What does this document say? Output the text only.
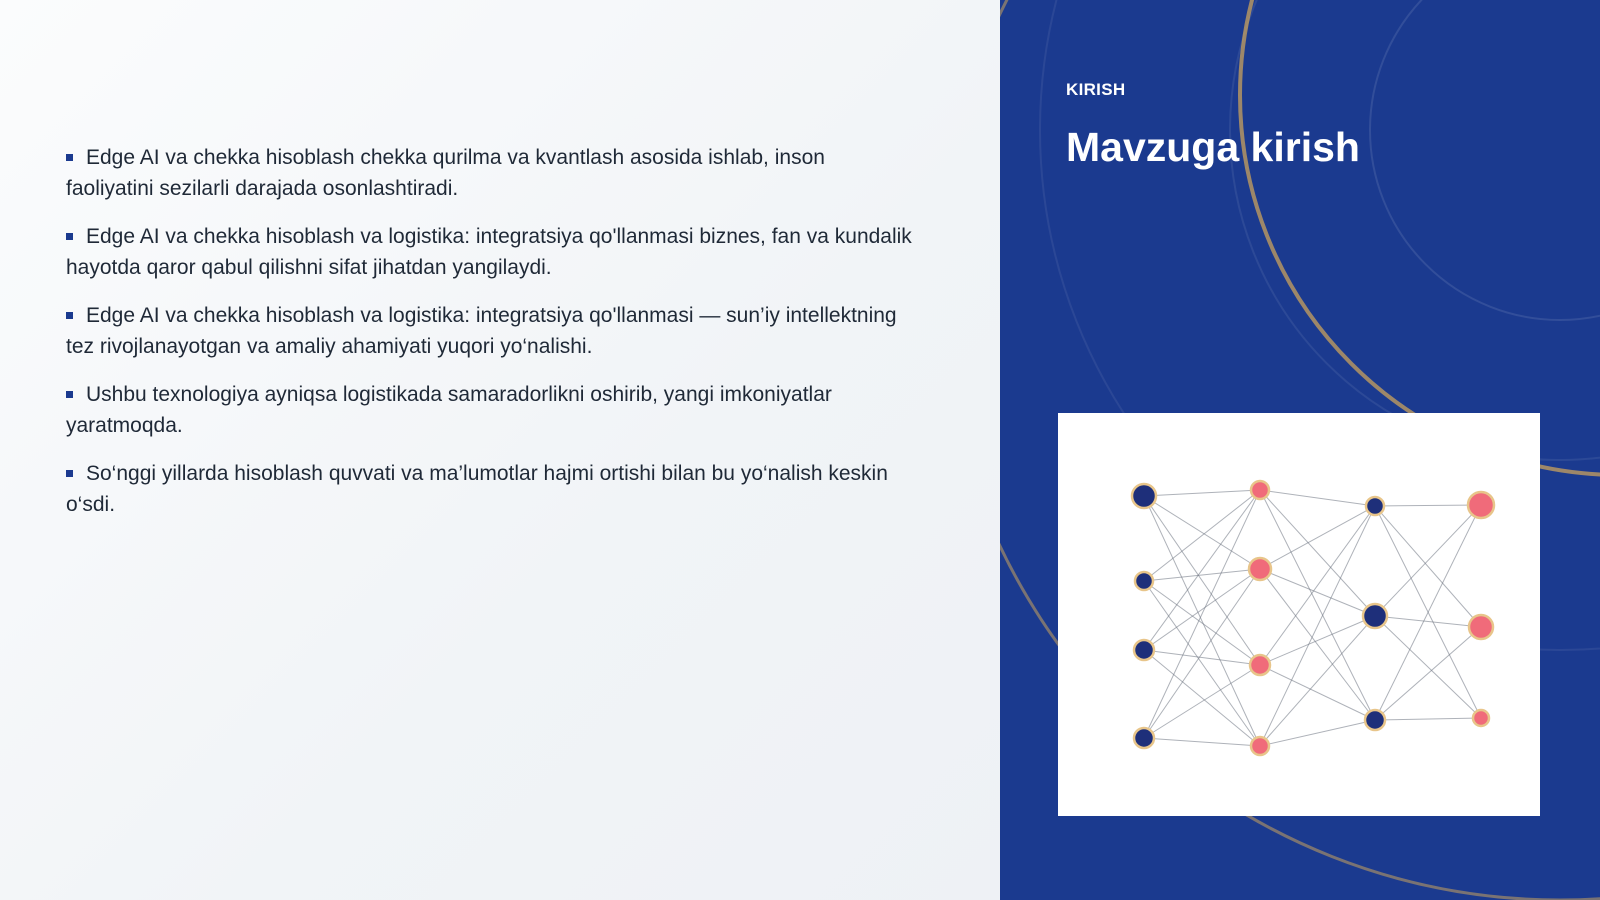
Edge AI va chekka hisoblash chekka qurilma va kvantlash asosida ishlab, inson faoliyatini sezilarli darajada osonlashtiradi.
Edge AI va chekka hisoblash va logistika: integratsiya qo'llanmasi biznes, fan va kundalik hayotda qaror qabul qilishni sifat jihatdan yangilaydi.
Edge AI va chekka hisoblash va logistika: integratsiya qo'llanmasi — sun’iy intellektning tez rivojlanayotgan va amaliy ahamiyati yuqori yo‘nalishi.
Ushbu texnologiya ayniqsa logistikada samaradorlikni oshirib, yangi imkoniyatlar yaratmoqda.
So‘nggi yillarda hisoblash quvvati va ma’lumotlar hajmi ortishi bilan bu yo‘nalish keskin o‘sdi.
KIRISH
Mavzuga kirish
